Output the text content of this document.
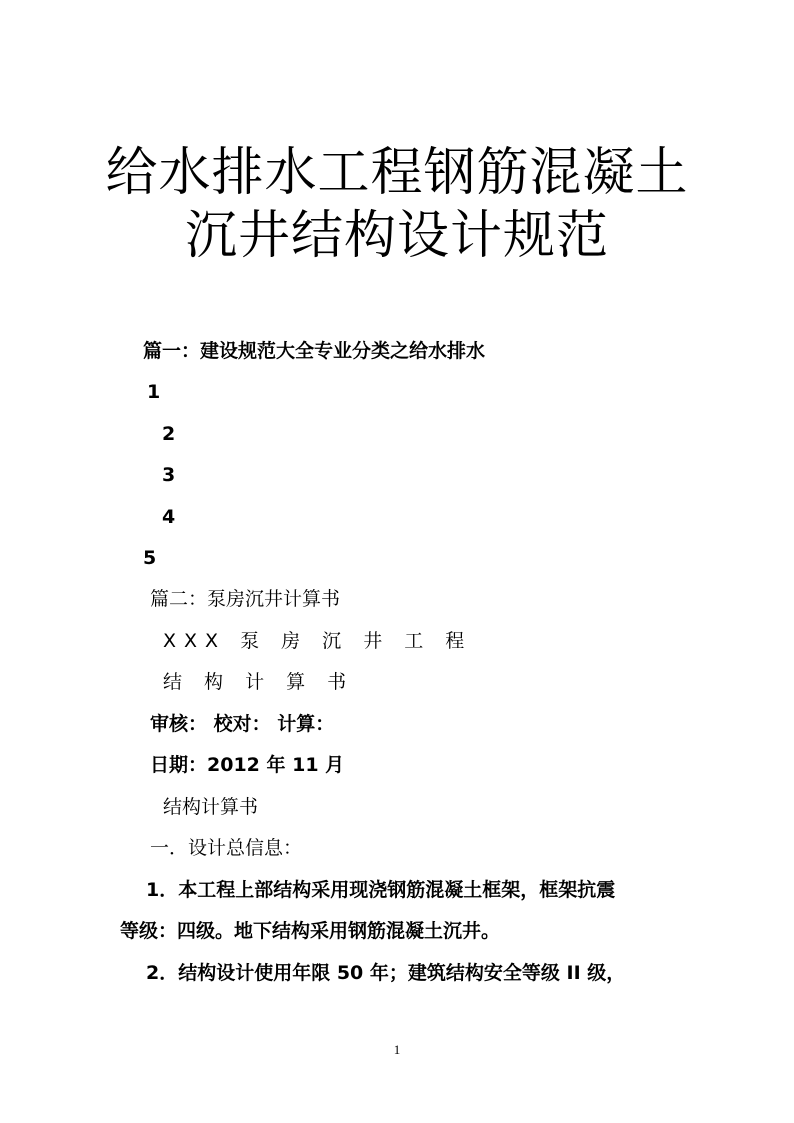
给水排水工程钢筋混凝土
沉井结构设计规范
篇一：建设规范大全专业分类之给水排水
1
2
3
4
5
篇二：泵房沉井计算书
XXX 泵 房 沉 井 工 程
结 构 计 算 书
审核： 校对： 计算：
日期：2012 年 11 月
结构计算书
一．设计总信息：
1．本工程上部结构采用现浇钢筋混凝土框架，框架抗震
等级：四级。地下结构采用钢筋混凝土沉井。
2．结构设计使用年限 50 年；建筑结构安全等级 II 级，
1
